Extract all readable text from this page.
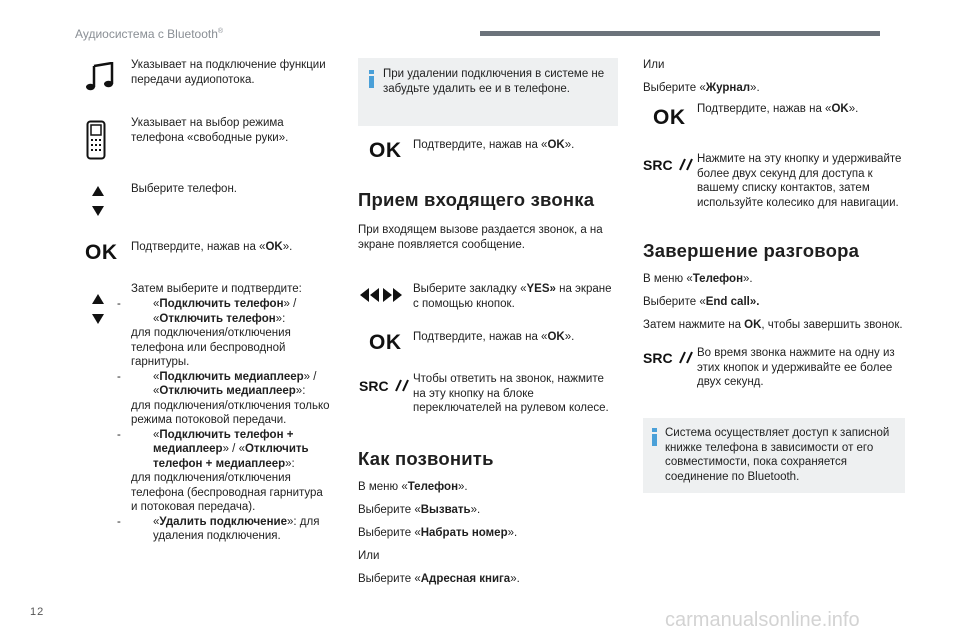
Аудиосистема с Bluetooth®
Указывает на подключение функции передачи аудиопотока.
Указывает на выбор режима телефона «свободные руки».
Выберите телефон.
OK Подтвердите, нажав на «OK».
Затем выберите и подтвердите:
-	«Подключить телефон» / «Отключить телефон»:
для подключения/отключения телефона или беспроводной гарнитуры.
-	«Подключить медиаплеер» / «Отключить медиаплеер»:
для подключения/отключения только режима потоковой передачи.
-	«Подключить телефон + медиаплеер» / «Отключить телефон + медиаплеер»:
для подключения/отключения телефона (беспроводная гарнитура и потоковая передача).
-	«Удалить подключение»: для
удаления подключения.
При удалении подключения в системе не забудьте удалить ее и в телефоне.
OK Подтвердите, нажав на «OK».
Прием входящего звонка
При входящем вызове раздается звонок, а на экране появляется сообщение.
Выберите закладку «YES» на экране с помощью кнопок.
OK Подтвердите, нажав на «OK».
SRC	Чтобы ответить на звонок, нажмите на эту кнопку на блоке переключателей на рулевом колесе.
Как позвонить
В меню «Телефон».
Выберите «Вызвать».
Выберите «Набрать номер».
Или
Выберите «Адресная книга».
Или
Выберите «Журнал».
OK Подтвердите, нажав на «OK».
SRC	Нажмите на эту кнопку и удерживайте более двух секунд для доступа к вашему списку контактов, затем используйте колесико для навигации.
Завершение разговора
В меню «Телефон».
Выберите «End call».
Затем нажмите на OK, чтобы завершить звонок.
SRC	Во время звонка нажмите на одну из этих кнопок и удерживайте ее более двух секунд.
Система осуществляет доступ к записной книжке телефона в зависимости от его совместимости, пока сохраняется соединение по Bluetooth.
12	carmanualsonline.info
